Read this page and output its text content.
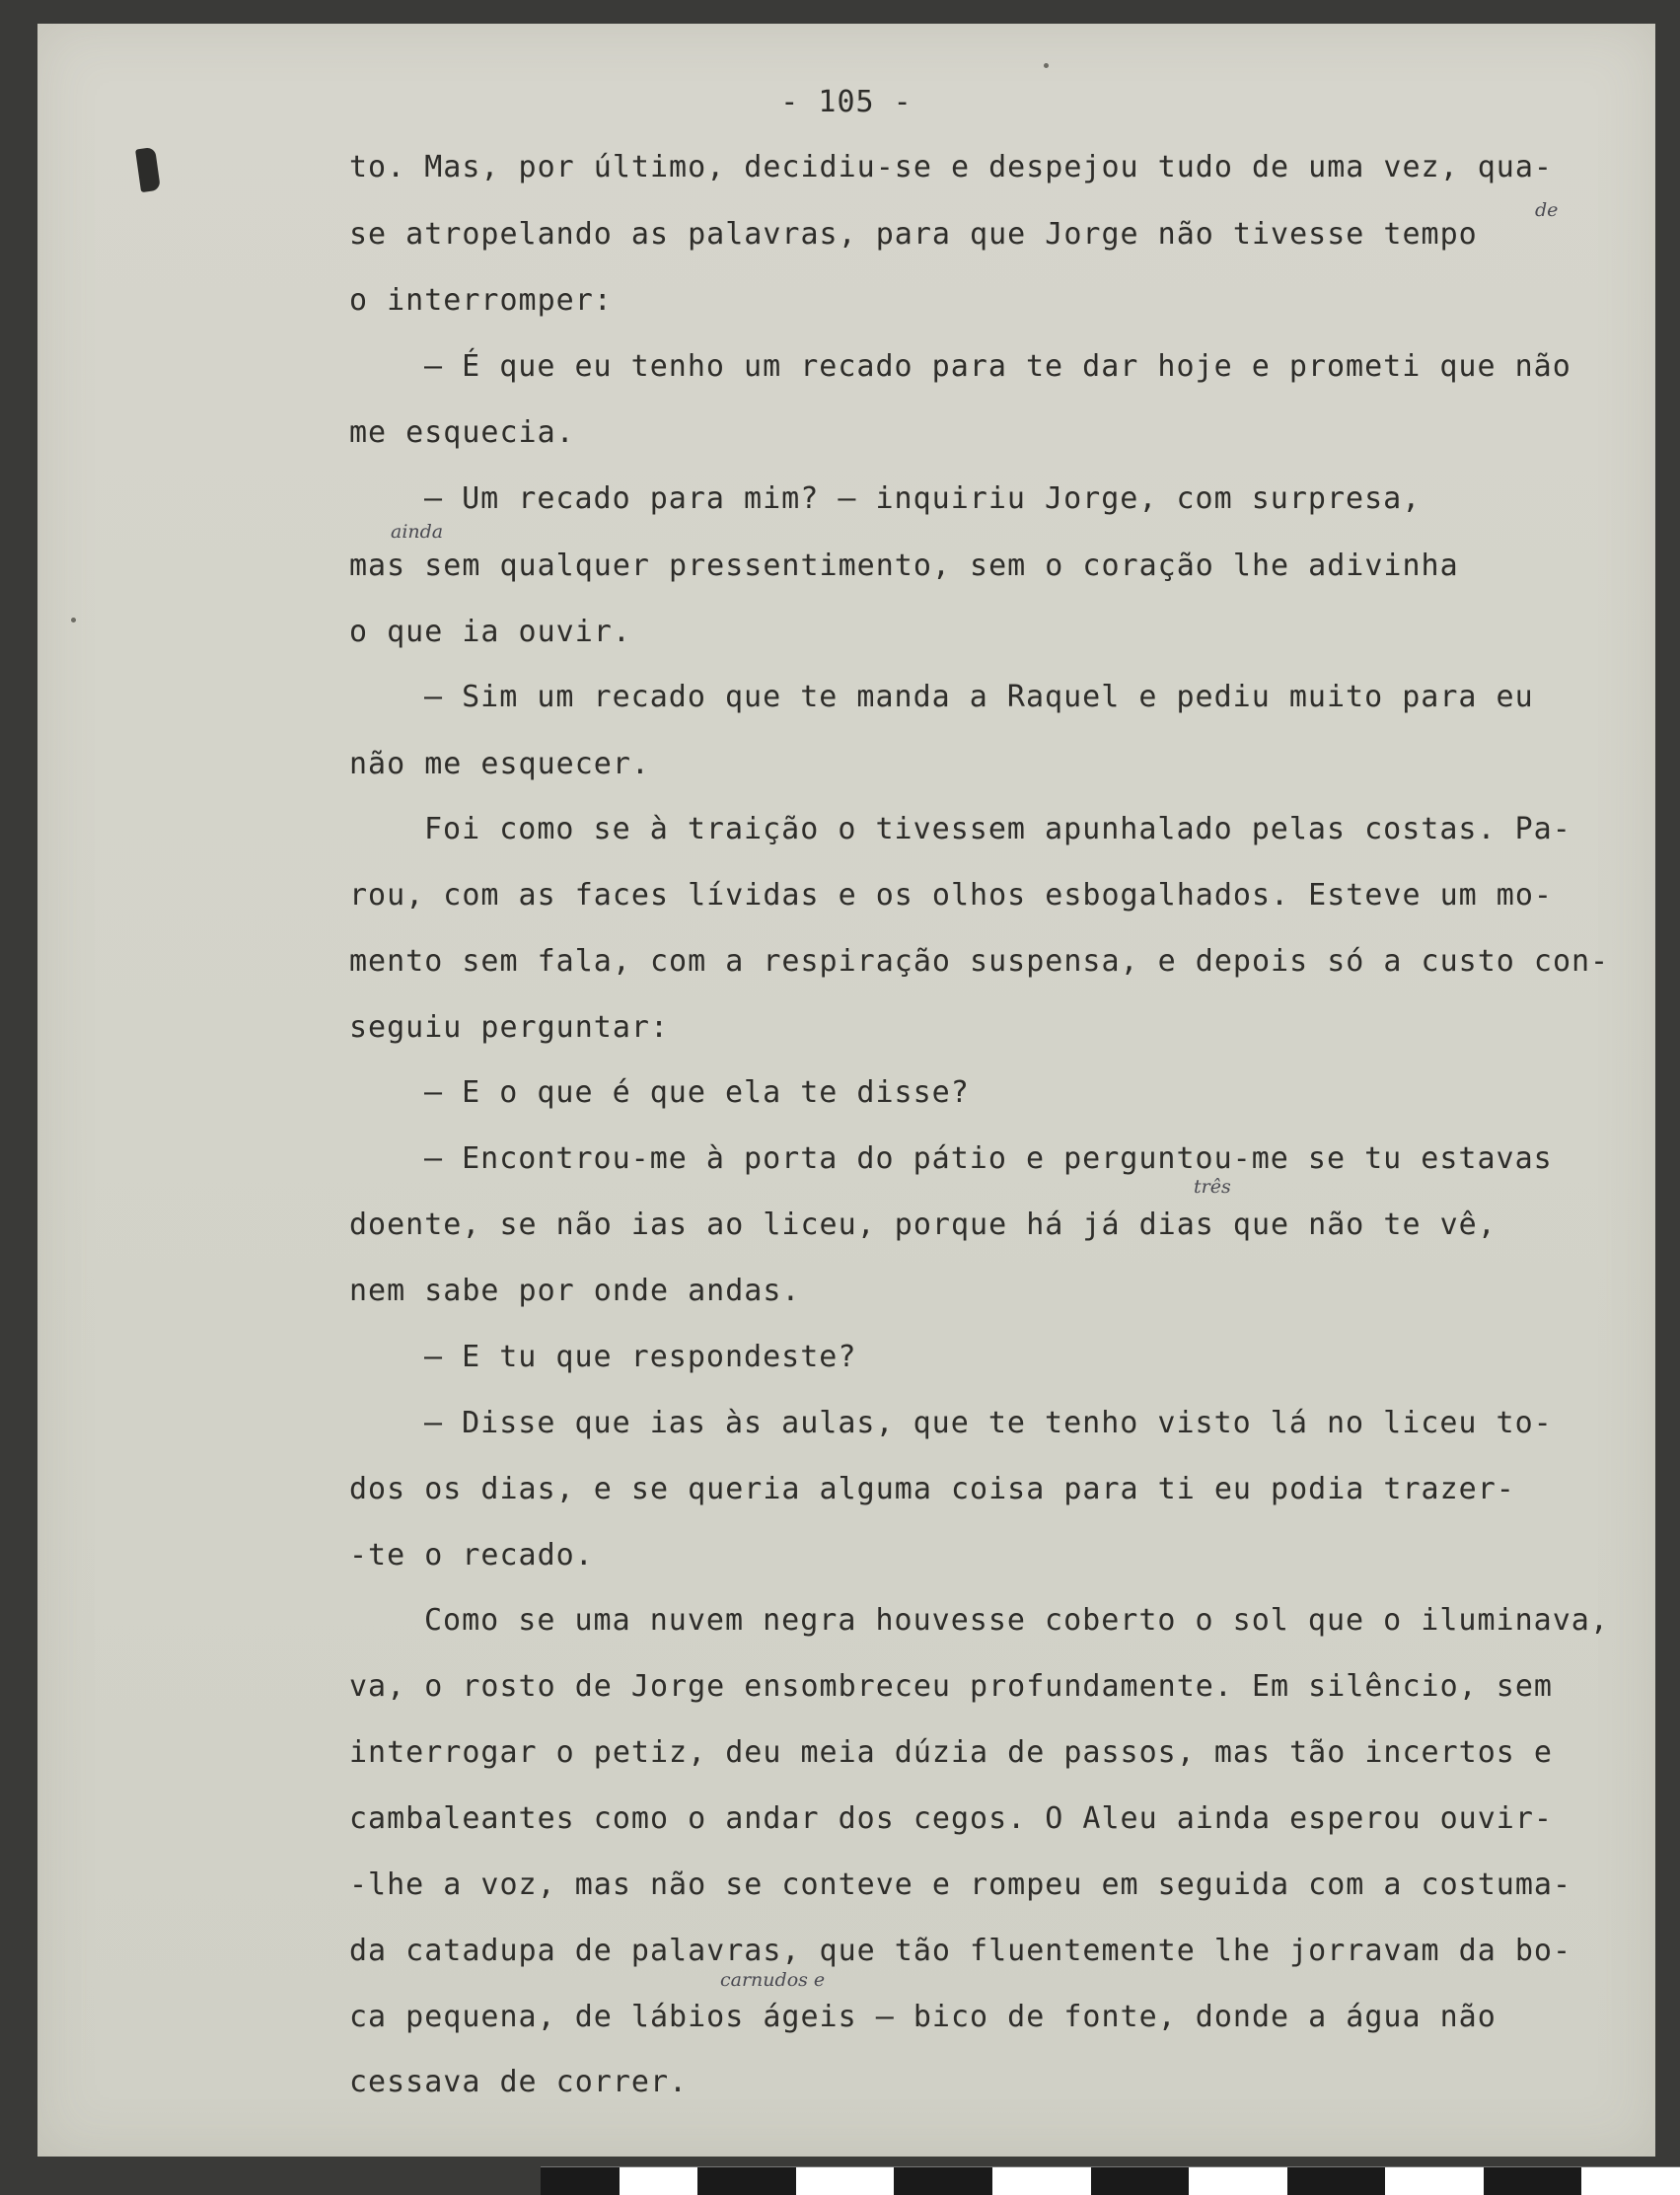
- 105 -

to. Mas, por último, decidiu-se e despejou tudo de uma vez, qua-

se atropelando as palavras, para que Jorge não tivesse tempo

o interromper:

— É que eu tenho um recado para te dar hoje e prometi que não

me esquecia.

— Um recado para mim? — inquiriu Jorge, com surpresa,

mas sem qualquer pressentimento, sem o coração lhe adivinha

o que ia ouvir.

— Sim um recado que te manda a Raquel e pediu muito para eu

não me esquecer.

Foi como se à traição o tivessem apunhalado pelas costas. Pa-

rou, com as faces lívidas e os olhos esbogalhados. Esteve um mo-

mento sem fala, com a respiração suspensa, e depois só a custo con-

seguiu perguntar:

— E o que é que ela te disse?

— Encontrou-me à porta do pátio e perguntou-me se tu estavas

doente, se não ias ao liceu, porque há já dias que não te vê,

nem sabe por onde andas.

— E tu que respondeste?

— Disse que ias às aulas, que te tenho visto lá no liceu to-

dos os dias, e se queria alguma coisa para ti eu podia trazer-

-te o recado.

Como se uma nuvem negra houvesse coberto o sol que o iluminava,

va, o rosto de Jorge ensombreceu profundamente. Em silêncio, sem

interrogar o petiz, deu meia dúzia de passos, mas tão incertos e

cambaleantes como o andar dos cegos. O Aleu ainda esperou ouvir-

-lhe a voz, mas não se conteve e rompeu em seguida com a costuma-

da catadupa de palavras, que tão fluentemente lhe jorravam da bo-

ca pequena, de lábios ágeis — bico de fonte, donde a água não

cessava de correr.

de
ainda
três
carnudos e
